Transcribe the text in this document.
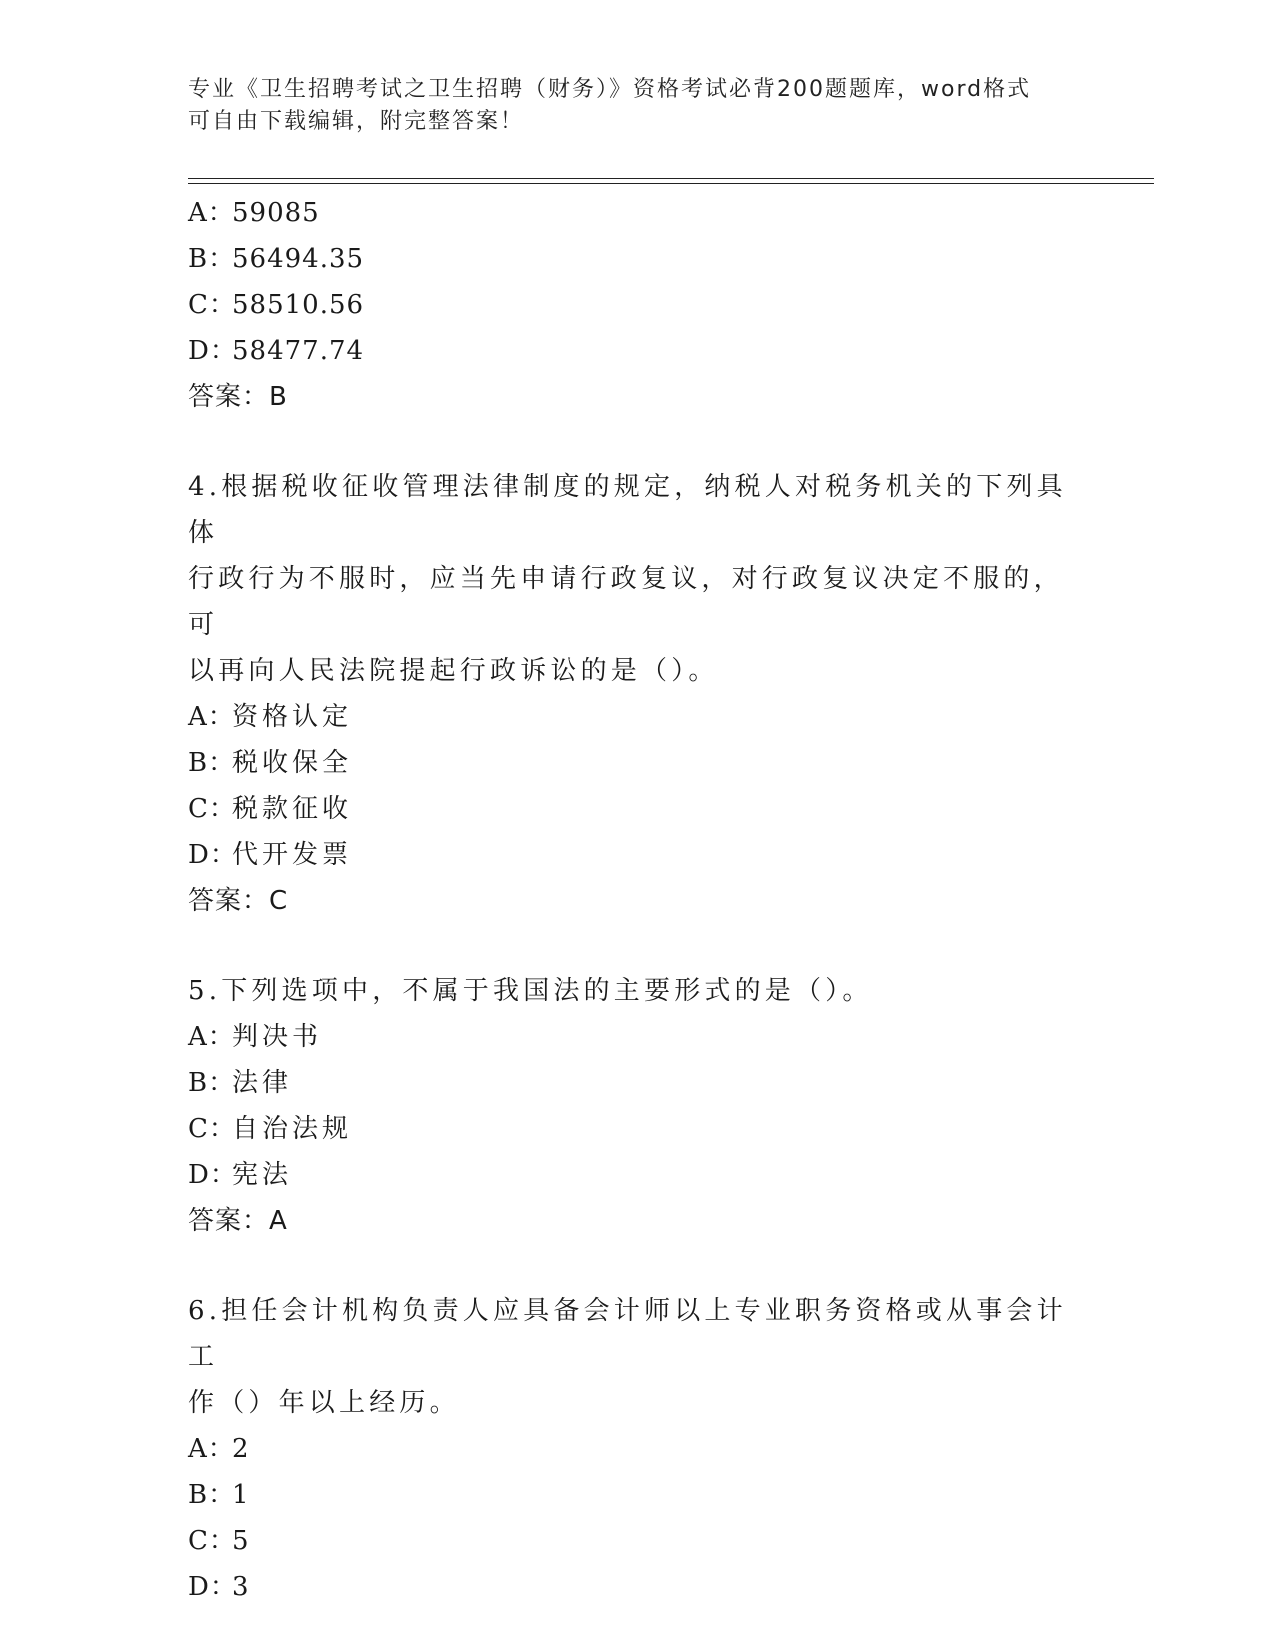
专业《卫生招聘考试之卫生招聘（财务）》资格考试必背200题题库，word格式
可自由下载编辑，附完整答案！
A：
59085
B：
56494.35
C：
58510.56
D：
58477.74
答案：B
4.根据税收征收管理法律制度的规定，纳税人对税务机关的下列具体
行政行为不服时，应当先申请行政复议，对行政复议决定不服的，可
以再向人民法院提起行政诉讼的是（）。
A：
资格认定
B：
税收保全
C：
税款征收
D：
代开发票
答案：C
5.下列选项中，不属于我国法的主要形式的是（）。
A：
判决书
B：
法律
C：
自治法规
D：
宪法
答案：A
6.担任会计机构负责人应具备会计师以上专业职务资格或从事会计工
作（）年以上经历。
A：
2
B：
1
C：
5
D：
3
